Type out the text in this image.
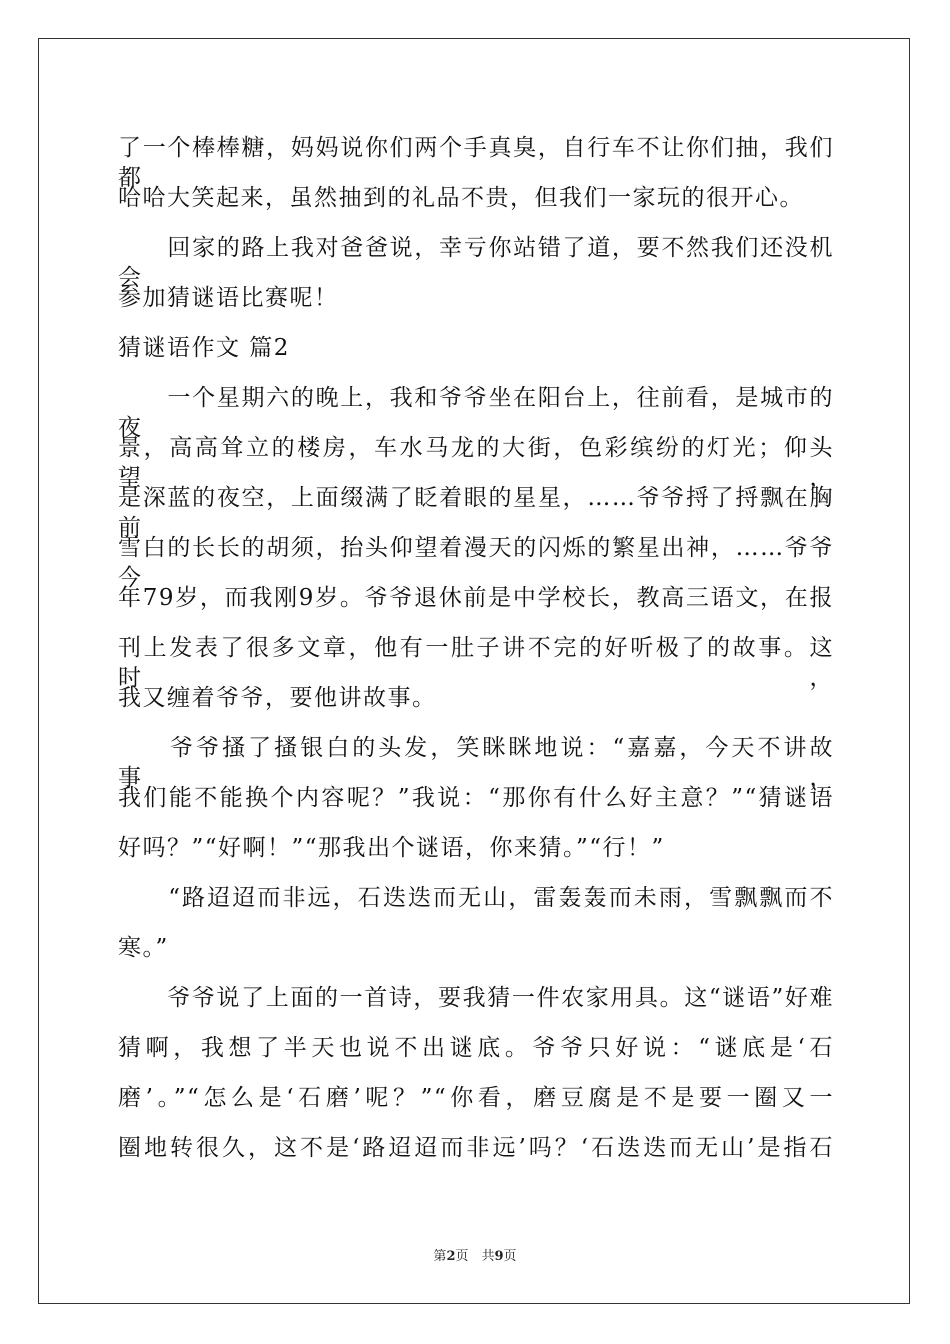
了一个棒棒糖，妈妈说你们两个手真臭，自行车不让你们抽，我们都
哈哈大笑起来，虽然抽到的礼品不贵，但我们一家玩的很开心。
　　回家的路上我对爸爸说，幸亏你站错了道，要不然我们还没机会
参加猜谜语比赛呢！
猜谜语作文 篇2
　　一个星期六的晚上，我和爷爷坐在阳台上，往前看，是城市的夜
景，高高耸立的楼房，车水马龙的大街，色彩缤纷的灯光；仰头望，
是深蓝的夜空，上面缀满了眨着眼的星星，……爷爷捋了捋飘在胸前
雪白的长长的胡须，抬头仰望着漫天的闪烁的繁星出神，……爷爷今
年79岁，而我刚9岁。爷爷退休前是中学校长，教高三语文，在报
刊上发表了很多文章，他有一肚子讲不完的好听极了的故事。这时，
我又缠着爷爷，要他讲故事。
　　爷爷搔了搔银白的头发，笑眯眯地说：“嘉嘉，今天不讲故事，
我们能不能换个内容呢？”我说：“那你有什么好主意？”“猜谜语
好吗？”“好啊！”“那我出个谜语，你来猜。”“行！”
　　“路迢迢而非远，石迭迭而无山，雷轰轰而未雨，雪飘飘而不
寒。”
　　爷爷说了上面的一首诗，要我猜一件农家用具。这“谜语”好难
猜啊，我想了半天也说不出谜底。爷爷只好说：“谜底是‘石
磨’。”“怎么是‘石磨’呢？”“你看，磨豆腐是不是要一圈又一
圈地转很久，这不是‘路迢迢而非远’吗？‘石迭迭而无山’是指石
第2页　共9页
